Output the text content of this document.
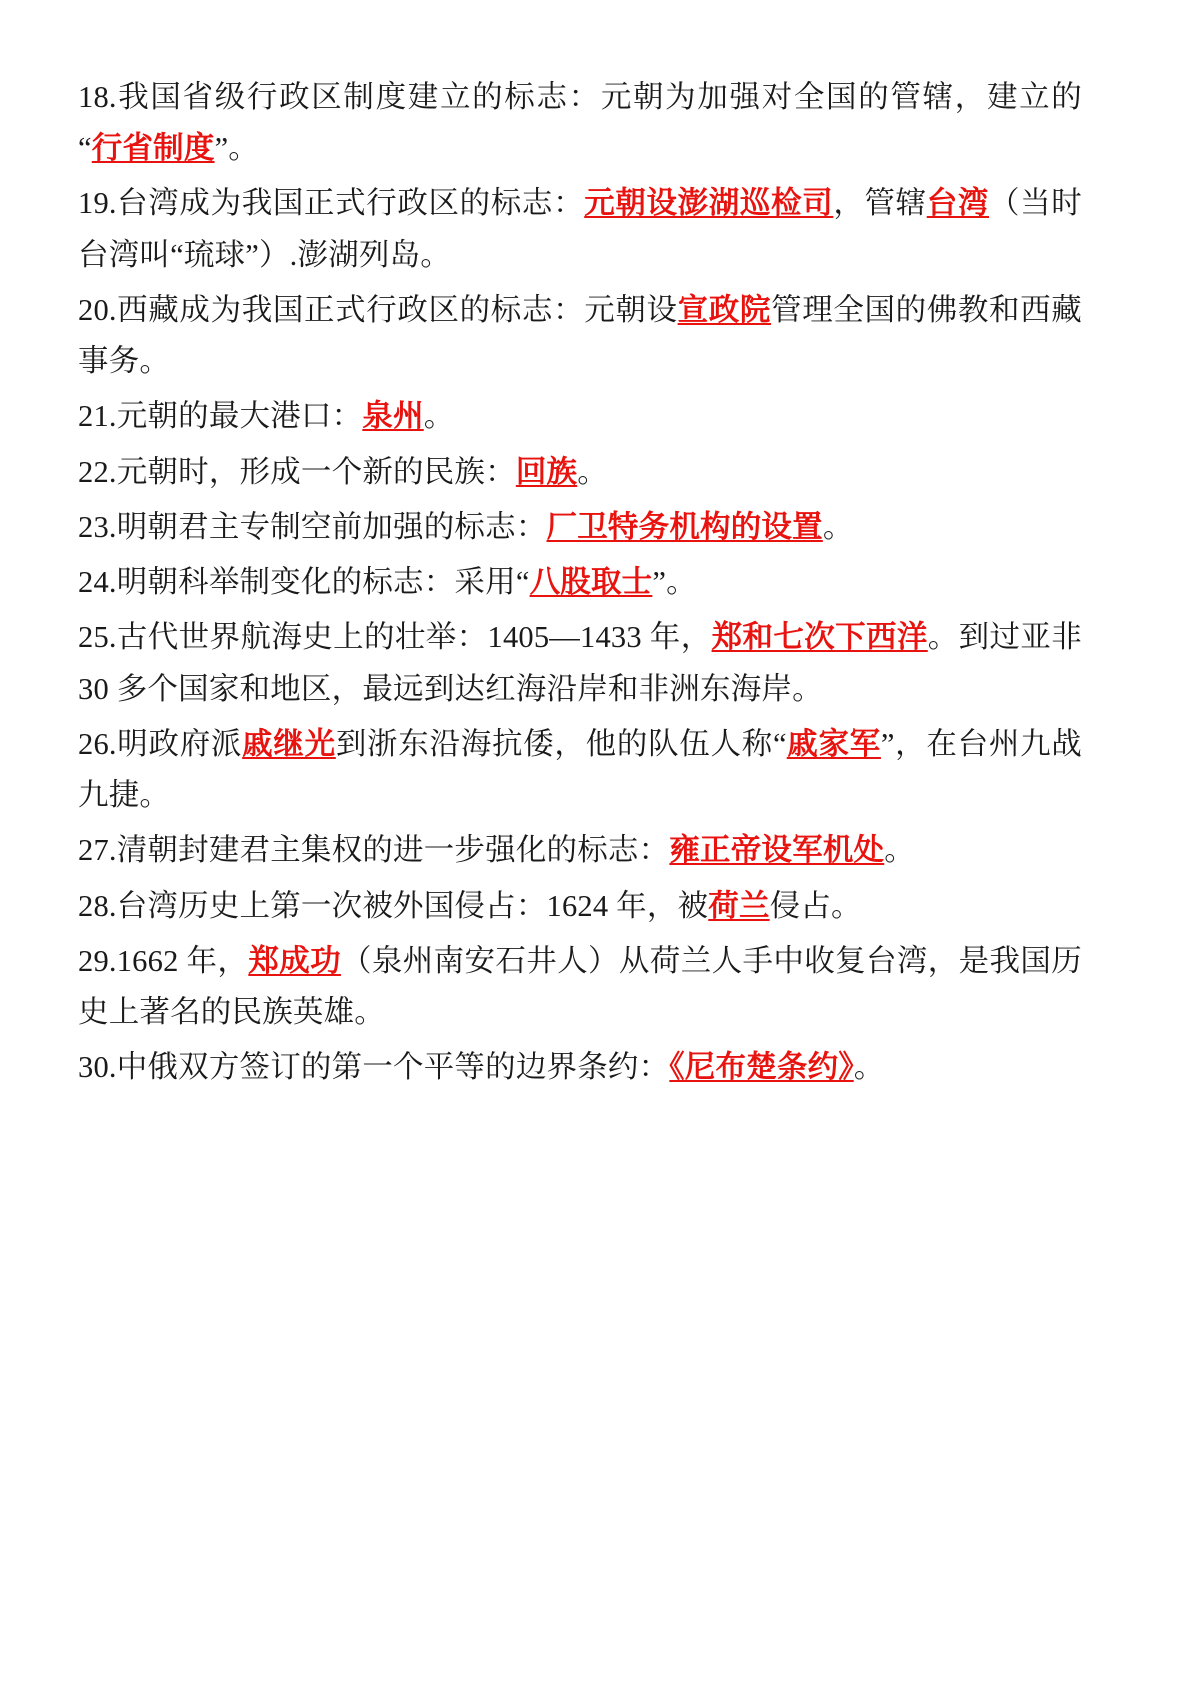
18.我国省级行政区制度建立的标志：元朝为加强对全国的管辖，建立的“行省制度”。

19.台湾成为我国正式行政区的标志：元朝设澎湖巡检司，管辖台湾（当时台湾叫“琉球”）.澎湖列岛。

20.西藏成为我国正式行政区的标志：元朝设宣政院管理全国的佛教和西藏事务。

21.元朝的最大港口：泉州。

22.元朝时，形成一个新的民族：回族。

23.明朝君主专制空前加强的标志：厂卫特务机构的设置。

24.明朝科举制变化的标志：采用“八股取士”。

25.古代世界航海史上的壮举：1405—1433 年，郑和七次下西洋。到过亚非 30 多个国家和地区，最远到达红海沿岸和非洲东海岸。

26.明政府派戚继光到浙东沿海抗倭，他的队伍人称“戚家军”，在台州九战九捷。

27.清朝封建君主集权的进一步强化的标志：雍正帝设军机处。

28.台湾历史上第一次被外国侵占：1624 年，被荷兰侵占。

29.1662 年，郑成功（泉州南安石井人）从荷兰人手中收复台湾，是我国历史上著名的民族英雄。

30.中俄双方签订的第一个平等的边界条约：《尼布楚条约》。
